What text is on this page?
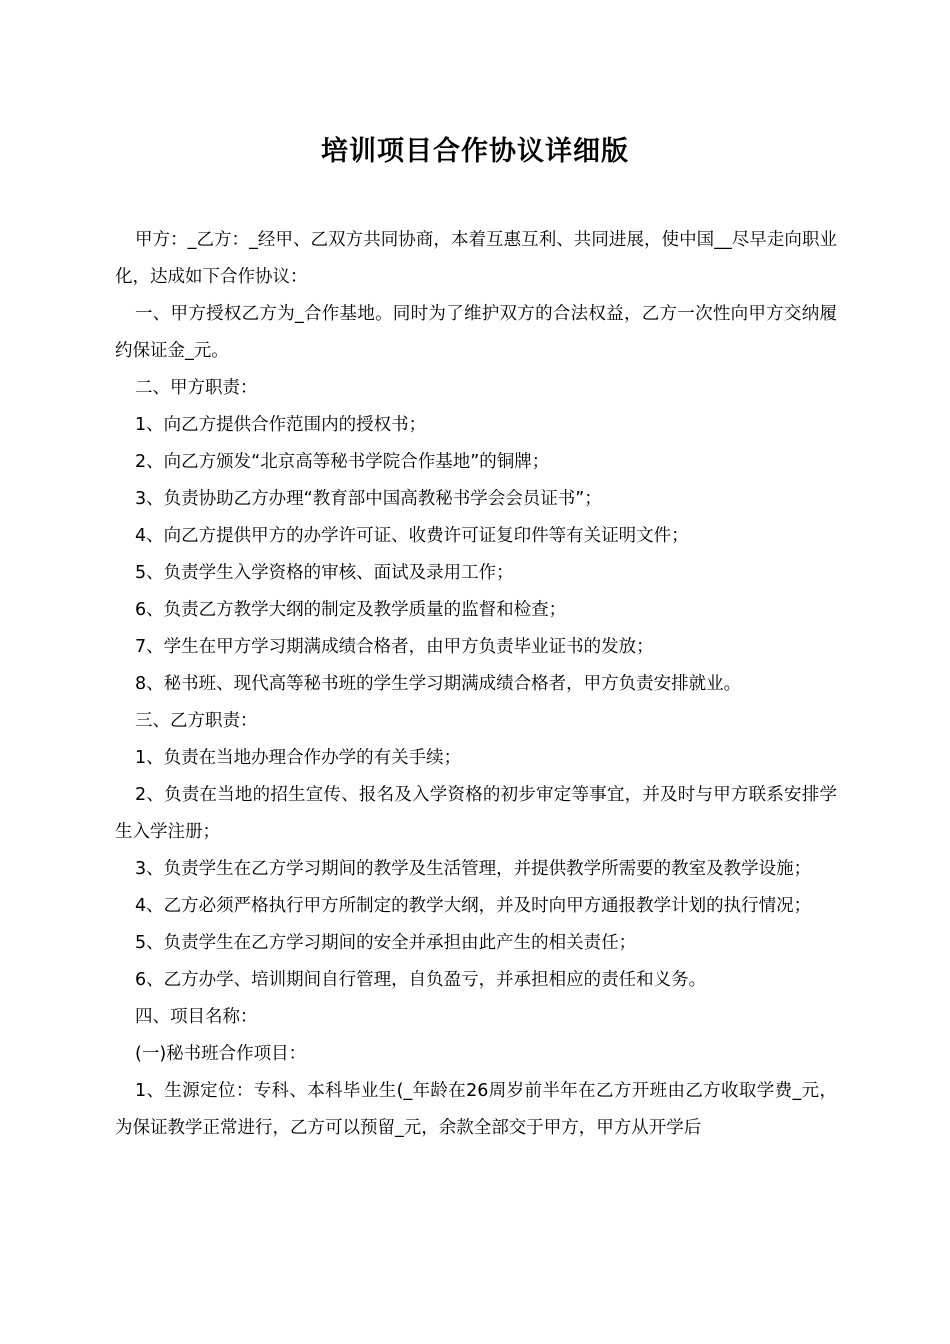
培训项目合作协议详细版

甲方：_乙方：_经甲、乙双方共同协商，本着互惠互利、共同进展，使中国__尽早走向职业化，达成如下合作协议：

一、甲方授权乙方为_合作基地。同时为了维护双方的合法权益，乙方一次性向甲方交纳履约保证金_元。

二、甲方职责：

1、向乙方提供合作范围内的授权书；

2、向乙方颁发“北京高等秘书学院合作基地”的铜牌；

3、负责协助乙方办理“教育部中国高教秘书学会会员证书”；

4、向乙方提供甲方的办学许可证、收费许可证复印件等有关证明文件；

5、负责学生入学资格的审核、面试及录用工作；

6、负责乙方教学大纲的制定及教学质量的监督和检查；

7、学生在甲方学习期满成绩合格者，由甲方负责毕业证书的发放；

8、秘书班、现代高等秘书班的学生学习期满成绩合格者，甲方负责安排就业。

三、乙方职责：

1、负责在当地办理合作办学的有关手续；

2、负责在当地的招生宣传、报名及入学资格的初步审定等事宜，并及时与甲方联系安排学生入学注册；

3、负责学生在乙方学习期间的教学及生活管理，并提供教学所需要的教室及教学设施；

4、乙方必须严格执行甲方所制定的教学大纲，并及时向甲方通报教学计划的执行情况；

5、负责学生在乙方学习期间的安全并承担由此产生的相关责任；

6、乙方办学、培训期间自行管理，自负盈亏，并承担相应的责任和义务。

四、项目名称：

(一)秘书班合作项目：

1、生源定位：专科、本科毕业生(_年龄在26周岁前半年在乙方开班由乙方收取学费_元，为保证教学正常进行，乙方可以预留_元，余款全部交于甲方，甲方从开学后
